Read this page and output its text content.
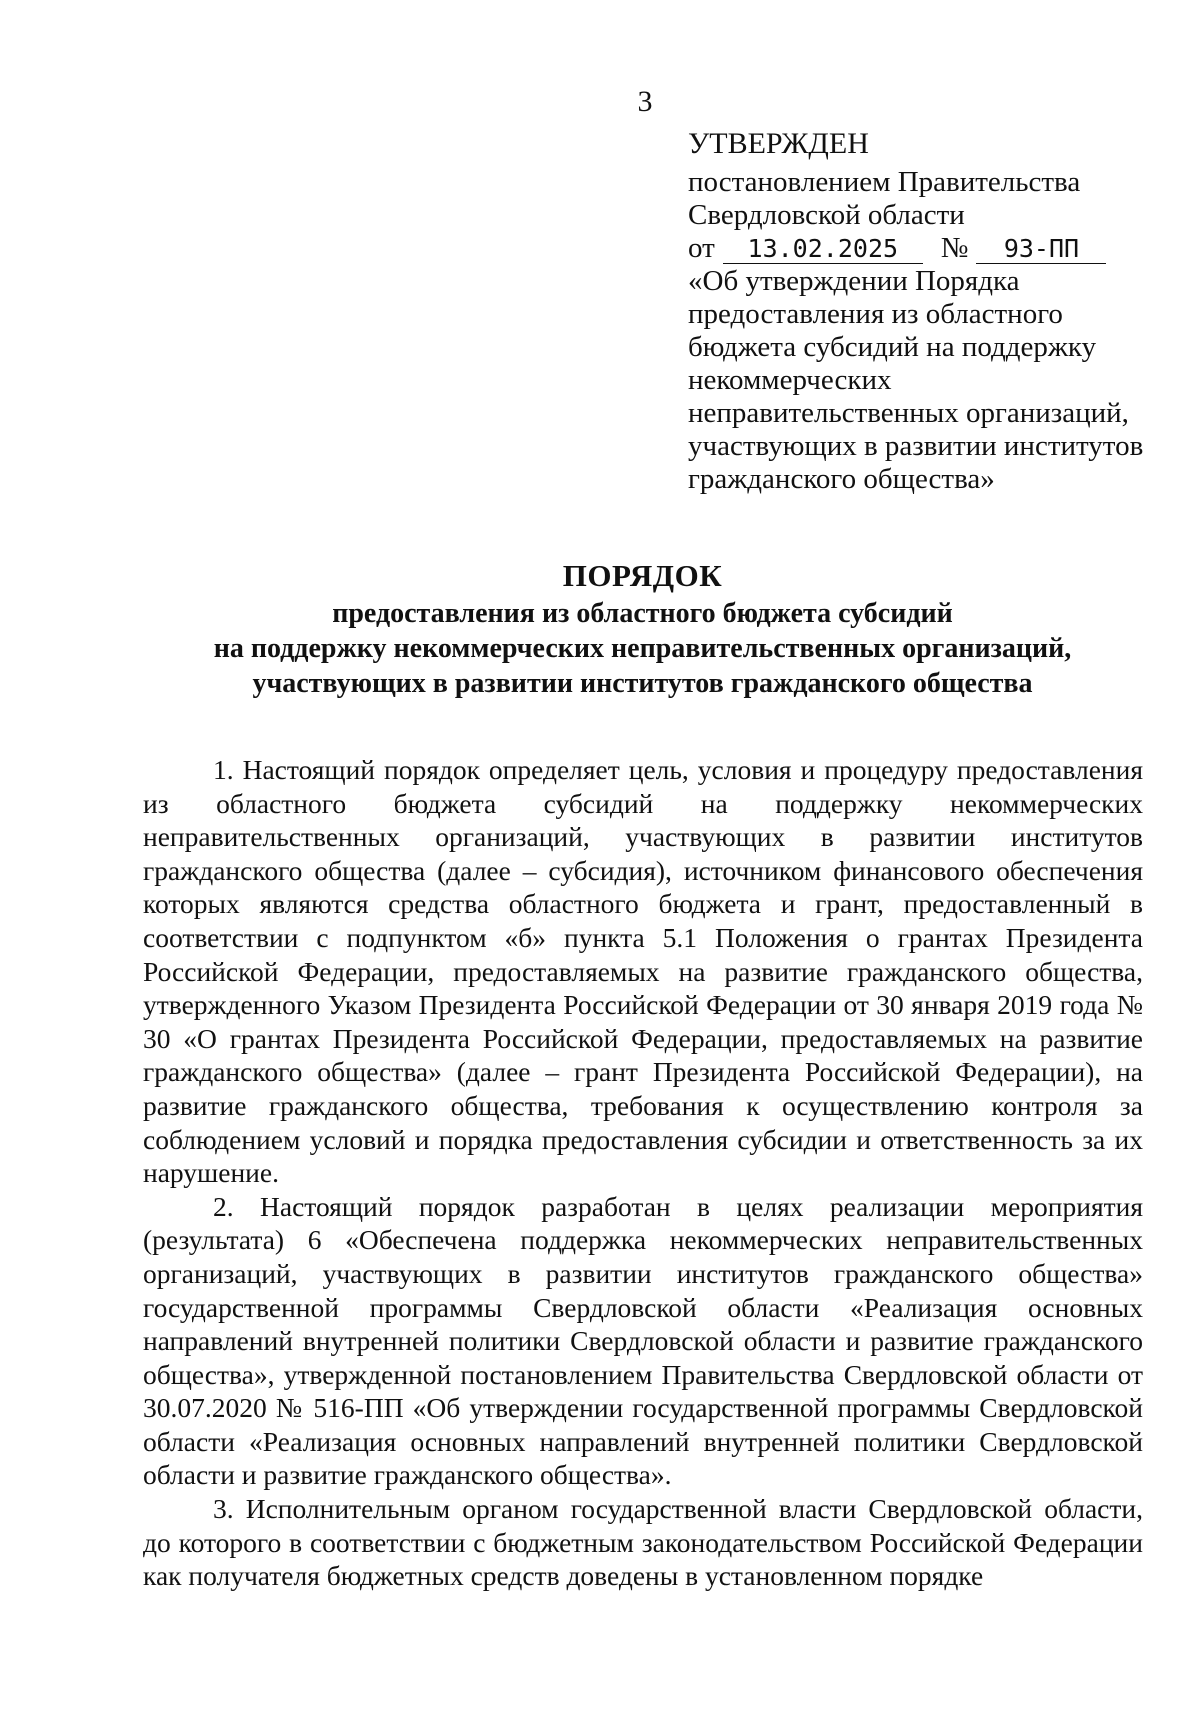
3
УТВЕРЖДЕН
постановлением Правительства
Свердловской области
от	13.02.2025	№	93-ПП
«Об утверждении Порядка
предоставления из областного
бюджета субсидий на поддержку
некоммерческих
неправительственных организаций,
участвующих в развитии институтов
гражданского общества»
ПОРЯДОК
предоставления из областного бюджета субсидий
на поддержку некоммерческих неправительственных организаций,
участвующих в развитии институтов гражданского общества

1. Настоящий порядок определяет цель, условия и процедуру предоставления из областного бюджета субсидий на поддержку некоммерческих неправительственных организаций, участвующих в развитии институтов гражданского общества (далее – субсидия), источником финансового обеспечения которых являются средства областного бюджета и грант, предоставленный в соответствии с подпунктом «б» пункта 5.1 Положения о грантах Президента Российской Федерации, предоставляемых на развитие гражданского общества, утвержденного Указом Президента Российской Федерации от 30 января 2019 года № 30 «О грантах Президента Российской Федерации, предоставляемых на развитие гражданского общества» (далее – грант Президента Российской Федерации), на развитие гражданского общества, требования к осуществлению контроля за соблюдением условий и порядка предоставления субсидии и ответственность за их нарушение.

2. Настоящий порядок разработан в целях реализации мероприятия (результата) 6 «Обеспечена поддержка некоммерческих неправительственных организаций, участвующих в развитии институтов гражданского общества» государственной программы Свердловской области «Реализация основных направлений внутренней политики Свердловской области и развитие гражданского общества», утвержденной постановлением Правительства Свердловской области от 30.07.2020 № 516-ПП «Об утверждении государственной программы Свердловской области «Реализация основных направлений внутренней политики Свердловской области и развитие гражданского общества».

3. Исполнительным органом государственной власти Свердловской области, до которого в соответствии с бюджетным законодательством Российской Федерации как получателя бюджетных средств доведены в установленном порядке
